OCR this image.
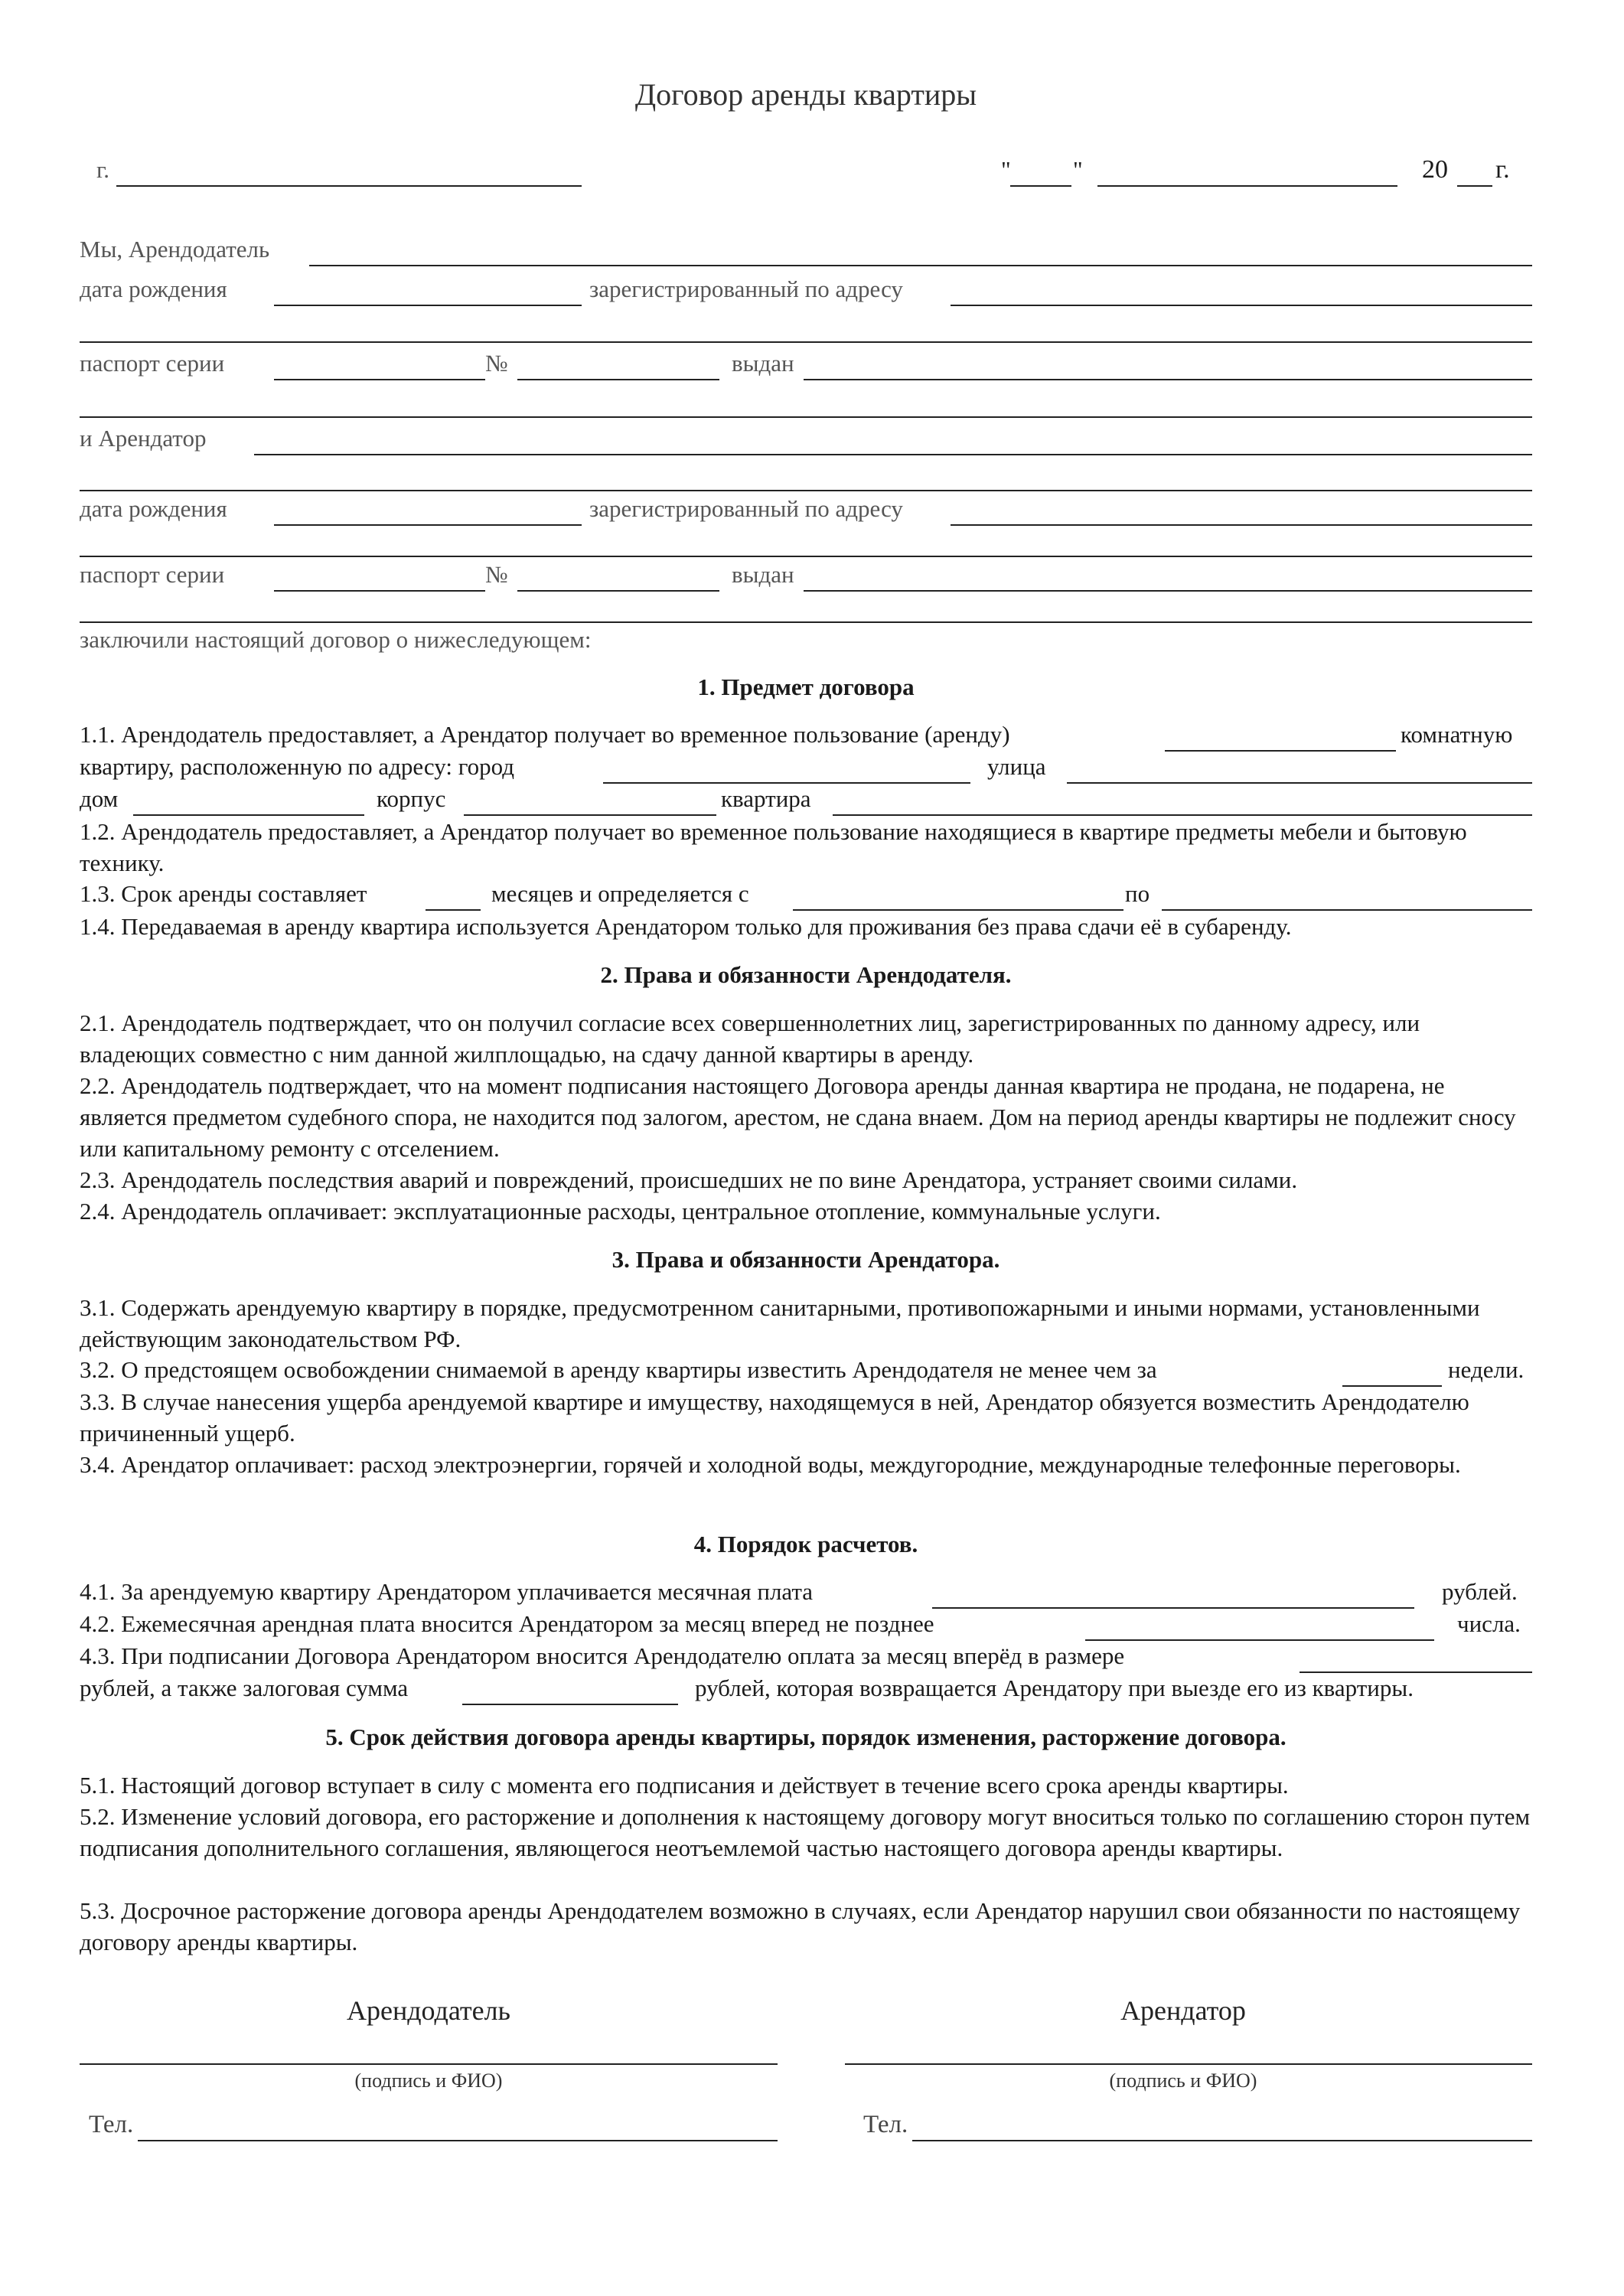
Договор аренды квартиры
г.	"	"	20 г.
Мы, Арендодатель
дата рождения	зарегистрированный по адресу
паспорт серии	№	выдан
и Арендатор
дата рождения	зарегистрированный по адресу
паспорт серии	№	выдан
заключили настоящий договор о нижеследующем:
1. Предмет договора
1.1. Арендодатель предоставляет, а Арендатор получает во временное пользование (аренду)	комнатную
квартиру, расположенную по адресу: город	улица
дом	корпус	квартира
1.2. Арендодатель предоставляет, а Арендатор получает во временное пользование находящиеся в квартире предметы мебели и бытовую технику.
1.3. Срок аренды составляет	месяцев и определяется с	по
1.4. Передаваемая в аренду квартира используется Арендатором только для проживания без права сдачи её в субаренду.
2. Права и обязанности Арендодателя.
2.1. Арендодатель подтверждает, что он получил согласие всех совершеннолетних лиц, зарегистрированных по данному адресу, или владеющих совместно с ним данной жилплощадью, на сдачу данной квартиры в аренду.
2.2. Арендодатель подтверждает, что на момент подписания настоящего Договора аренды данная квартира не продана, не подарена, не является предметом судебного спора, не находится под залогом, арестом, не сдана внаем. Дом на период аренды квартиры не подлежит сносу или капитальному ремонту с отселением.
2.3. Арендодатель последствия аварий и повреждений, происшедших не по вине Арендатора, устраняет своими силами.
2.4. Арендодатель оплачивает: эксплуатационные расходы, центральное отопление, коммунальные услуги.
3. Права и обязанности Арендатора.
3.1. Содержать арендуемую квартиру в порядке, предусмотренном санитарными, противопожарными и иными нормами, установленными действующим законодательством РФ.
3.2. О предстоящем освобождении снимаемой в аренду квартиры известить Арендодателя не менее чем за	недели.
3.3. В случае нанесения ущерба арендуемой квартире и имуществу, находящемуся в ней, Арендатор обязуется возместить Арендодателю причиненный ущерб.
3.4. Арендатор оплачивает: расход электроэнергии, горячей и холодной воды, междугородние, международные телефонные переговоры.
4. Порядок расчетов.
4.1. За арендуемую квартиру Арендатором уплачивается месячная плата	рублей.
4.2. Ежемесячная арендная плата вносится Арендатором за месяц вперед не позднее	числа.
4.3. При подписании Договора Арендатором вносится Арендодателю оплата за месяц вперёд в размере
рублей, а также залоговая сумма	рублей, которая возвращается Арендатору при выезде его из квартиры.
5. Срок действия договора аренды квартиры, порядок изменения, расторжение договора.
5.1. Настоящий договор вступает в силу с момента его подписания и действует в течение всего срока аренды квартиры.
5.2. Изменение условий договора, его расторжение и дополнения к настоящему договору могут вноситься только по соглашению сторон путем подписания дополнительного соглашения, являющегося неотъемлемой частью настоящего договора аренды квартиры.
5.3. Досрочное расторжение договора аренды Арендодателем возможно в случаях, если Арендатор нарушил свои обязанности по настоящему договору аренды квартиры.
Арендодатель	Арендатор
(подпись и ФИО)	(подпись и ФИО)
Тел.	Тел.
